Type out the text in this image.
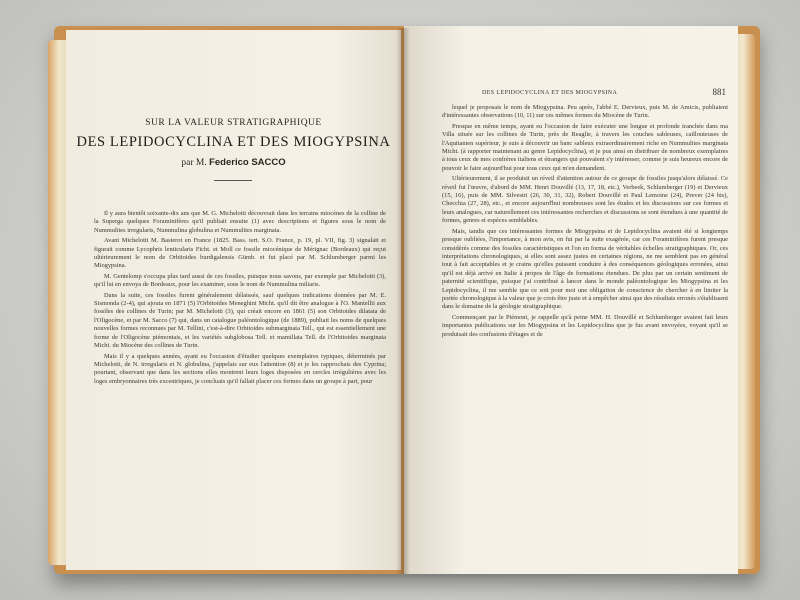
SUR LA VALEUR STRATIGRAPHIQUE
DES LEPIDOCYCLINA ET DES MIOGYPSINA
par M. Federico SACCO

Il y aura bientôt soixante-dix ans que M. G. Michelotti découvrait dans les terrains miocènes de la colline de la Superga quelques Foraminifères qu'il publiait ensuite (1) avec descriptions et figures sous le nom de Nummulites irregularis, Nummulina globulina et Nummulites marginata.

Avant Michelotti M. Basterot en France (1825. Bass. tert. S.O. France, p. 19, pl. VII, fig. 3) signalait et figurait comme Lycophris lenticularis Ficht. et Moll ce fossile miocénique de Mérignac (Bordeaux) qui reçut ultérieurement le nom de Orbitoides burdigalensis Gümb. et fut placé par M. Schlumberger parmi les Miogypsina.

M. Gentelomp s'occupa plus tard aussi de ces fossiles, puisque nous savons, par exemple par Michelotti (3), qu'il lui en envoya de Bordeaux, pour les examiner, sous le nom de Nummulina miliaris.

Dans la suite, ces fossiles furent généralement délaissés, sauf quelques indications données par M. E. Sismonda (2-4), qui ajouta en 1871 (5) l'Orbitoides Meneghini Micht. qu'il dit être analogue à l'O. Mantellii aux fossiles des collines de Turin; par M. Michelotti (3), qui créait encore en 1861 (5) son Orbitoides dilatata de l'Oligocène, et par M. Sacco (7) qui, dans un catalogue paléontologique (de 1889), publiait les noms de quelques nouvelles formes reconnues par M. Tellini, c'est-à-dire Orbitoides submarginata Tell., qui est essentiellement une forme de l'Oligocène piémontais, et les variétés subglobosa Tell. et mamillata Tell. de l'Orbitoides marginata Micht. du Miocène des collines de Turin.

Mais il y a quelques années, ayant eu l'occasion d'étudier quelques exemplaires typiques, déterminés par Michelotti, de N. irregularis et N. globulina, j'appelais sur eux l'attention (8) et je les rapprochais des Cyprina; pourtant, observant que dans les sections elles montrent leurs loges disposées en cercles irrégulières avec les loges embryonnaires très excentriques, je concluais qu'il fallait placer ces formes dans un groupe à part, pour

DES LEPIDOCYCLINA ET DES MIOGYPSINA	881

lequel je proposais le nom de Miogypsina. Peu après, l'abbé E. Dervieux, puis M. de Amicis, publiaient d'intéressantes observations (10, 11) sur ces mêmes formes du Miocène de Turin.

Presque en même temps, ayant eu l'occasion de faire exécuter une longue et profonde tranchée dans ma Villa située sur les collines de Turin, près de Reaglie, à travers les couches sableuses, caillouteuses de l'Aquitanien supérieur, je suis à découvrir un banc sableux extraordinairement riche en Nummulites marginata Micht. (à rapporter maintenant au genre Lepidocyclina), et je pus ainsi en distribuer de nombreux exemplaires à tous ceux de mes confrères italiens et étrangers qui pouvaient s'y intéresser, comme je suis heureux encore de pouvoir le faire aujourd'hui pour tous ceux qui m'en demandent.

Ultérieurement, il se produisit un réveil d'attention autour de ce groupe de fossiles jusqu'alors délaissé. Ce réveil fut l'œuvre, d'abord de MM. Henri Douvillé (13, 17, 18, etc.), Verbeek, Schlumberger (19) et Dervieux (15, 16), puis de MM. Silvestri (26, 30, 31, 32), Robert Douvillé et Paul Lemoine (24), Prever (24 bis), Checchia (27, 28), etc., et encore aujourd'hui nombreuses sont les études et les discussions sur ces formes et leurs analogues, car naturellement ces intéressantes recherches et discussions se sont étendues à une quantité de formes, genres et espèces semblables.

Mais, tandis que ces intéressantes formes de Miogypsina et de Lepidocyclina avaient été si longtemps presque oubliées, l'importance, à mon avis, en fut par la suite exagérée, car ces Foraminifères furent presque considérés comme des fossiles caractéristiques et l'on en forma de véritables échelles stratigraphiques. Or, ces interprétations chronologiques, si elles sont assez justes en certaines régions, ne me semblent pas en général tout à fait acceptables et je crains qu'elles puissent conduire à des conséquences géologiques erronées, ainsi qu'il est déjà arrivé en Italie à propos de l'âge de formations étendues. De plus par un certain sentiment de paternité scientifique, puisque j'ai contribué à lancer dans le monde paléontologique les Miogypsina et les Lepidocyclina, il me semble que ce soit pour moi une obligation de conscience de chercher à en limiter la portée chronologique à la valeur que je crois être juste et à empêcher ainsi que des résultats erronés s'établissent dans le domaine de la géologie stratigraphique.

Commençant par le Piémont, je rappelle qu'à peine MM. H. Douvillé et Schlumberger avaient fait leurs importantes publications sur les Miogypsina et les Lepidocyclina que je fus avant envoyées, voyant qu'il se produisait des confusions d'étages et de
